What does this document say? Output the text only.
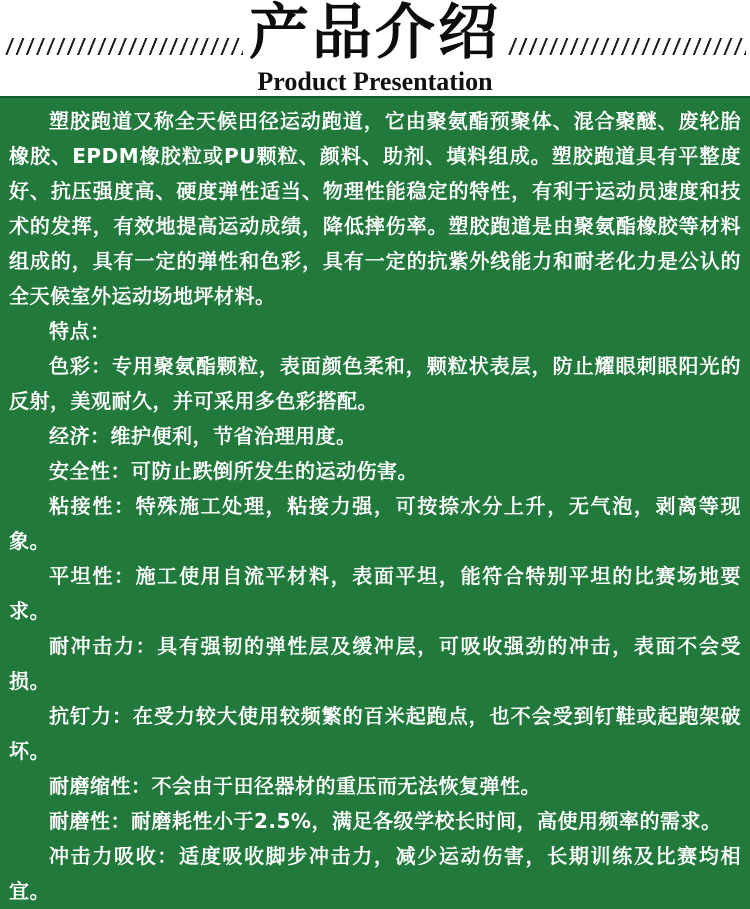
产品介绍
Product Presentation

塑胶跑道又称全天候田径运动跑道，它由聚氨酯预聚体、混合聚醚、废轮胎橡胶、EPDM橡胶粒或PU颗粒、颜料、助剂、填料组成。塑胶跑道具有平整度好、抗压强度高、硬度弹性适当、物理性能稳定的特性，有利于运动员速度和技术的发挥，有效地提高运动成绩，降低摔伤率。塑胶跑道是由聚氨酯橡胶等材料组成的，具有一定的弹性和色彩，具有一定的抗紫外线能力和耐老化力是公认的全天候室外运动场地坪材料。

特点：

色彩：专用聚氨酯颗粒，表面颜色柔和，颗粒状表层，防止耀眼刺眼阳光的反射，美观耐久，并可采用多色彩搭配。

经济：维护便利，节省治理用度。

安全性：可防止跌倒所发生的运动伤害。

粘接性：特殊施工处理，粘接力强，可按捺水分上升，无气泡，剥离等现象。

平坦性：施工使用自流平材料，表面平坦，能符合特别平坦的比赛场地要求。

耐冲击力：具有强韧的弹性层及缓冲层，可吸收强劲的冲击，表面不会受损。

抗钉力：在受力较大使用较频繁的百米起跑点，也不会受到钉鞋或起跑架破坏。

耐磨缩性：不会由于田径器材的重压而无法恢复弹性。

耐磨性：耐磨耗性小于2.5%，满足各级学校长时间，高使用频率的需求。

冲击力吸收：适度吸收脚步冲击力，减少运动伤害，长期训练及比赛均相宜。
